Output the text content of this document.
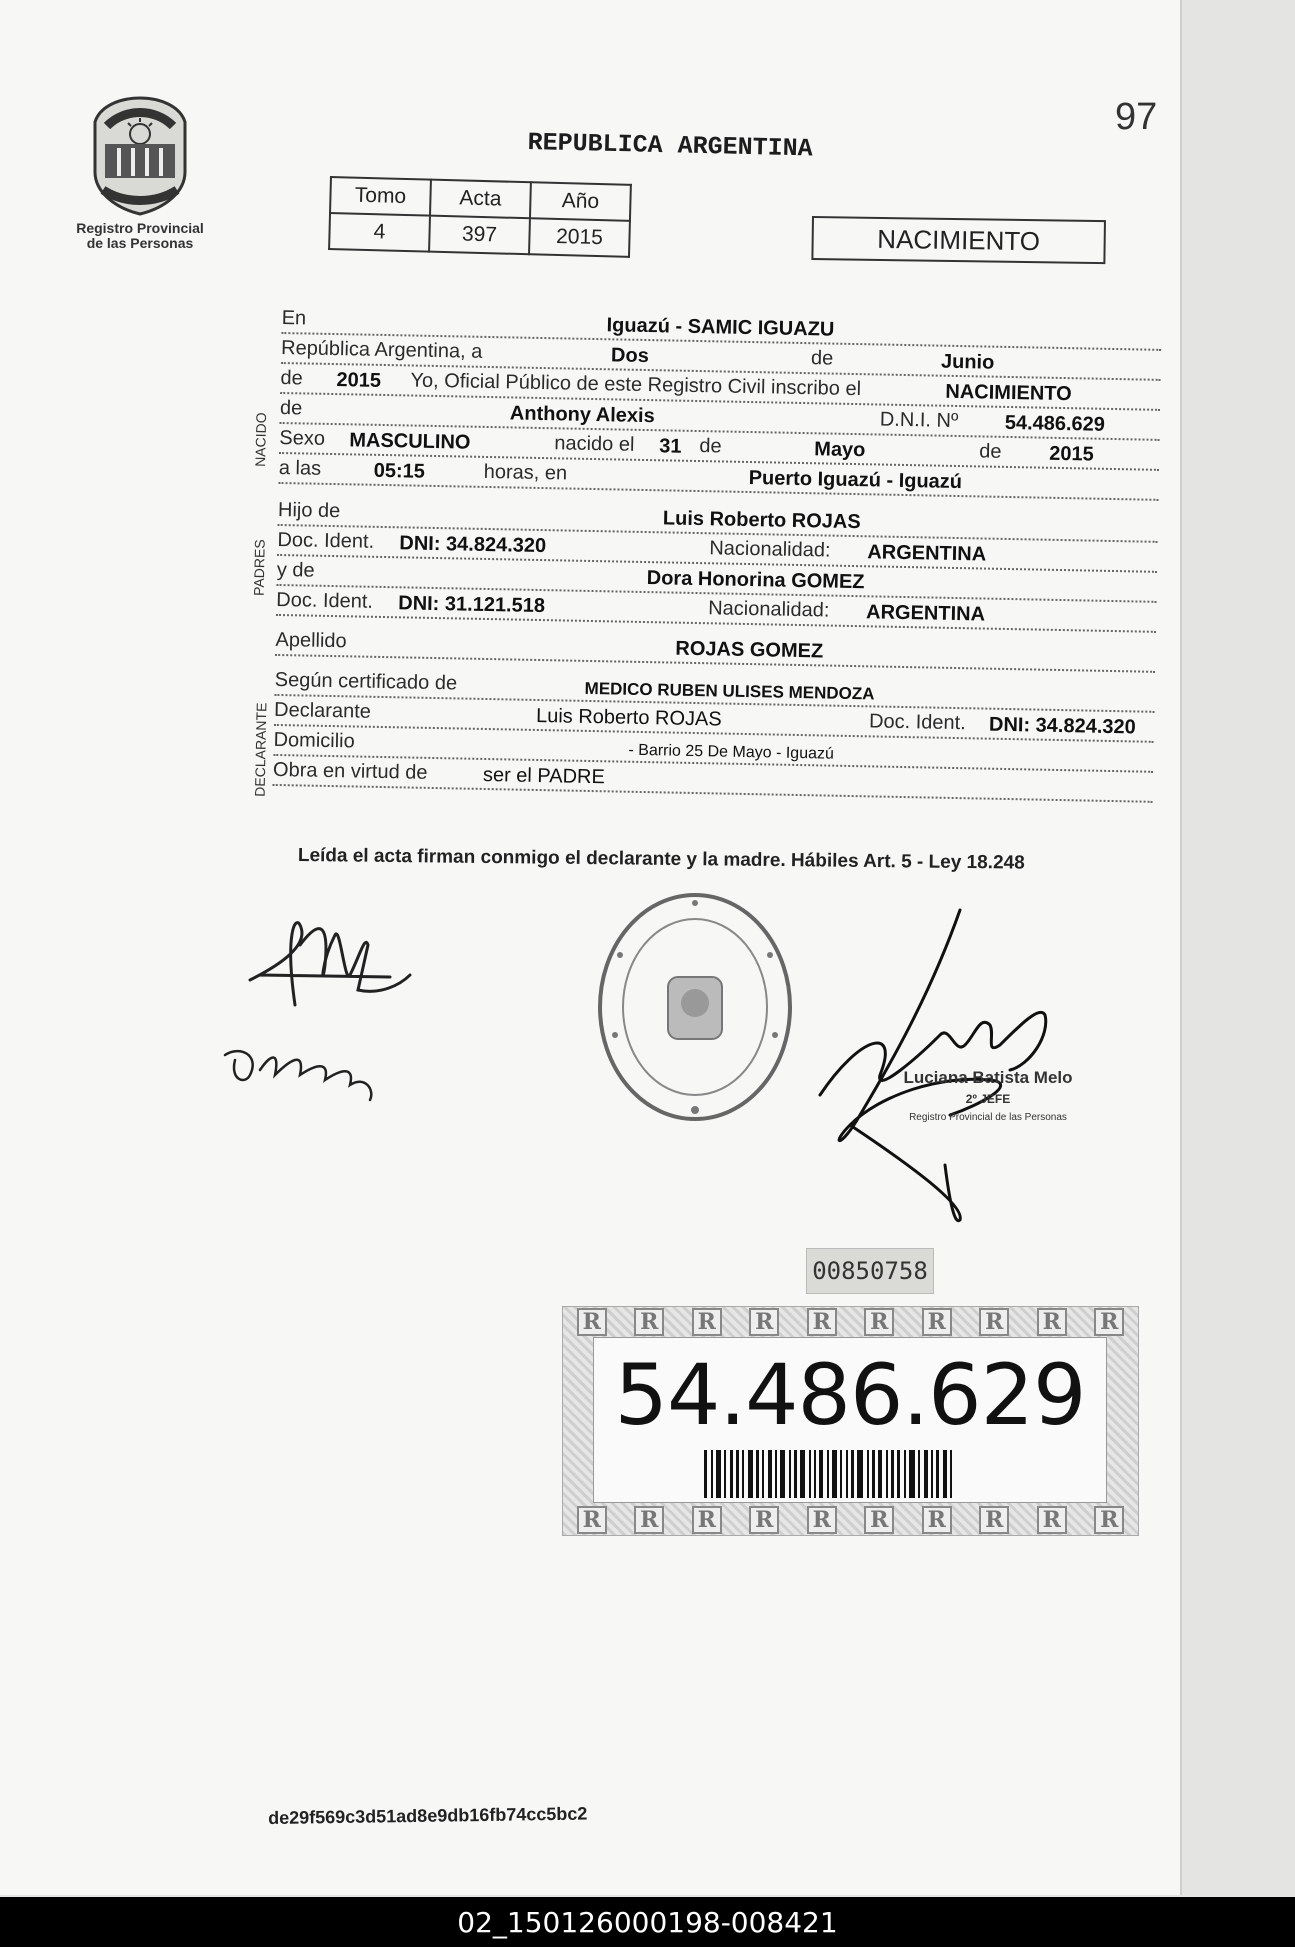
97
Registro Provincial
de las Personas
REPUBLICA ARGENTINA
Tomo	Acta	Año
4	397	2015	NACIMIENTO
NACIDO
PADRES
DECLARANTE
En	Iguazú - SAMIC IGUAZU
República Argentina, a	Dos	de	Junio
de 2015 Yo, Oficial Público de este Registro Civil inscribo el	NACIMIENTO
de	Anthony Alexis	D.N.I. Nº 54.486.629
Sexo MASCULINO	nacido el 31 de	Mayo	de 2015
a las	05:15	horas, en	Puerto Iguazú - Iguazú
Hijo de	Luis Roberto ROJAS
Doc. Ident. DNI: 34.824.320	Nacionalidad: ARGENTINA
y de	Dora Honorina GOMEZ
Doc. Ident. DNI: 31.121.518	Nacionalidad: ARGENTINA
Apellido	ROJAS GOMEZ
Según certificado de	MEDICO RUBEN ULISES MENDOZA
Declarante	Luis Roberto ROJAS	Doc. Ident. DNI: 34.824.320
Domicilio	- Barrio 25 De Mayo - Iguazú
Obra en virtud de	ser el PADRE
Leída el acta firman conmigo el declarante y la madre. Hábiles Art. 5 - Ley 18.248
Luciana Batista Melo
2º JEFE
Registro Provincial de las Personas
00850758
R R R R R R R R R R
54.486.629
R R R R R R R R R R
de29f569c3d51ad8e9db16fb74cc5bc2
02_150126000198-008421
